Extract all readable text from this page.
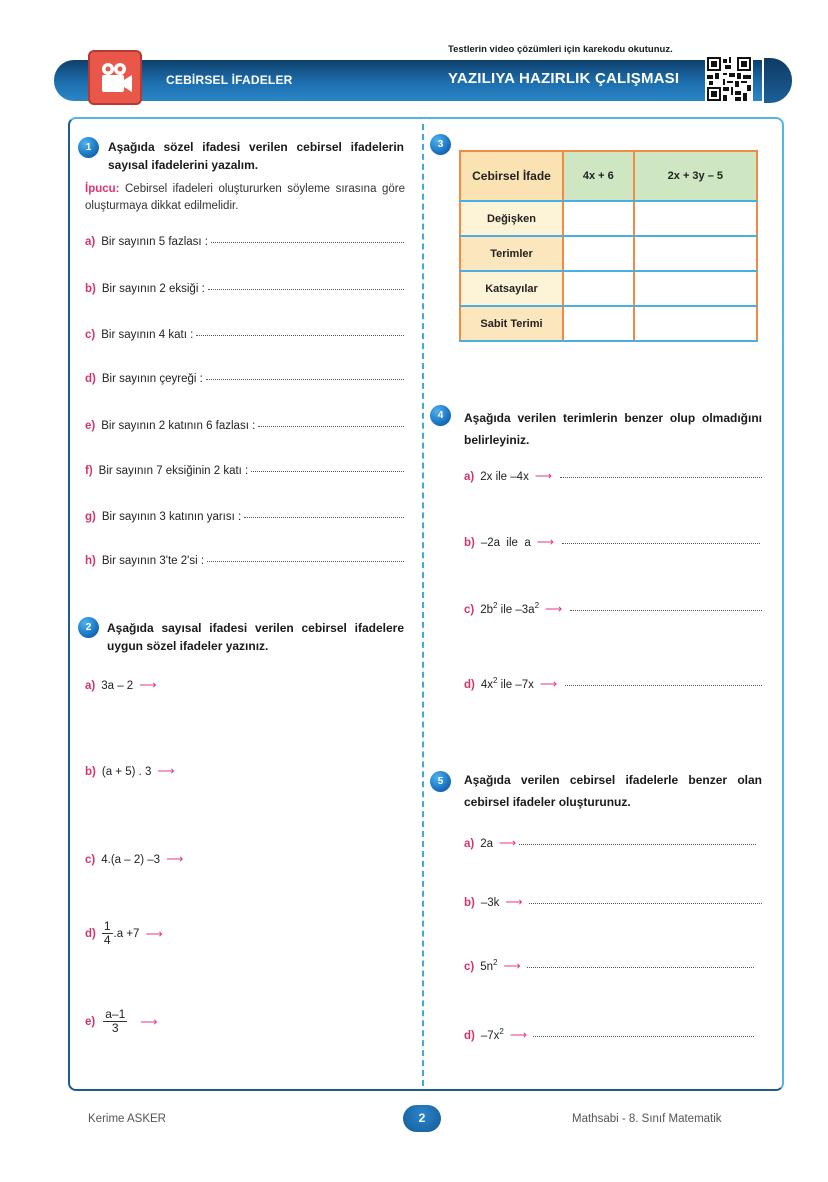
Testlerin video çözümleri için karekodu okutunuz.
CEBİRSEL İFADELER	YAZILIYA HAZIRLIK ÇALIŞMASI
1	Aşağıda sözel ifadesi verilen cebirsel ifadelerin sayısal ifadelerini yazalım.
İpucu: Cebirsel ifadeleri oluştururken söyleme sırasına göre oluşturmaya dikkat edilmelidir.
a) Bir sayının 5 fazlası :
b) Bir sayının 2 eksiği :
c) Bir sayının 4 katı :
d) Bir sayının çeyreği :
e) Bir sayının 2 katının 6 fazlası :
f) Bir sayının 7 eksiğinin 2 katı :
g) Bir sayının 3 katının yarısı :
h) Bir sayının 3'te 2'si :
2	Aşağıda sayısal ifadesi verilen cebirsel ifadelere uygun sözel ifadeler yazınız.
a) 3a – 2 ⟶
b) (a + 5) . 3 ⟶
c) 4.(a – 2) –3 ⟶
$d) \frac{1}{4} .a +7$ ⟶
$e) \frac{a-1}{3}$ ⟶
3
Cebirsel İfade	4x + 6	2x + 3y – 5
Değişken		
Terimler		
Katsayılar		
Sabit Terimi		
4	Aşağıda verilen terimlerin benzer olup olmadığını belirleyiniz.
a) 2x ile –4x ⟶
b) –2a  ile  a ⟶
c) $2b^2$ ile $-3a^2$ ⟶
d) $4x^2$ ile –7x ⟶
5	Aşağıda verilen cebirsel ifadelerle benzer olan cebirsel ifadeler oluşturunuz.
a) 2a ⟶
b) –3k ⟶
c) $5n^2$ ⟶
d) $-7x^2$ ⟶
Kerime ASKER	2	Mathsabi - 8. Sınıf Matematik
